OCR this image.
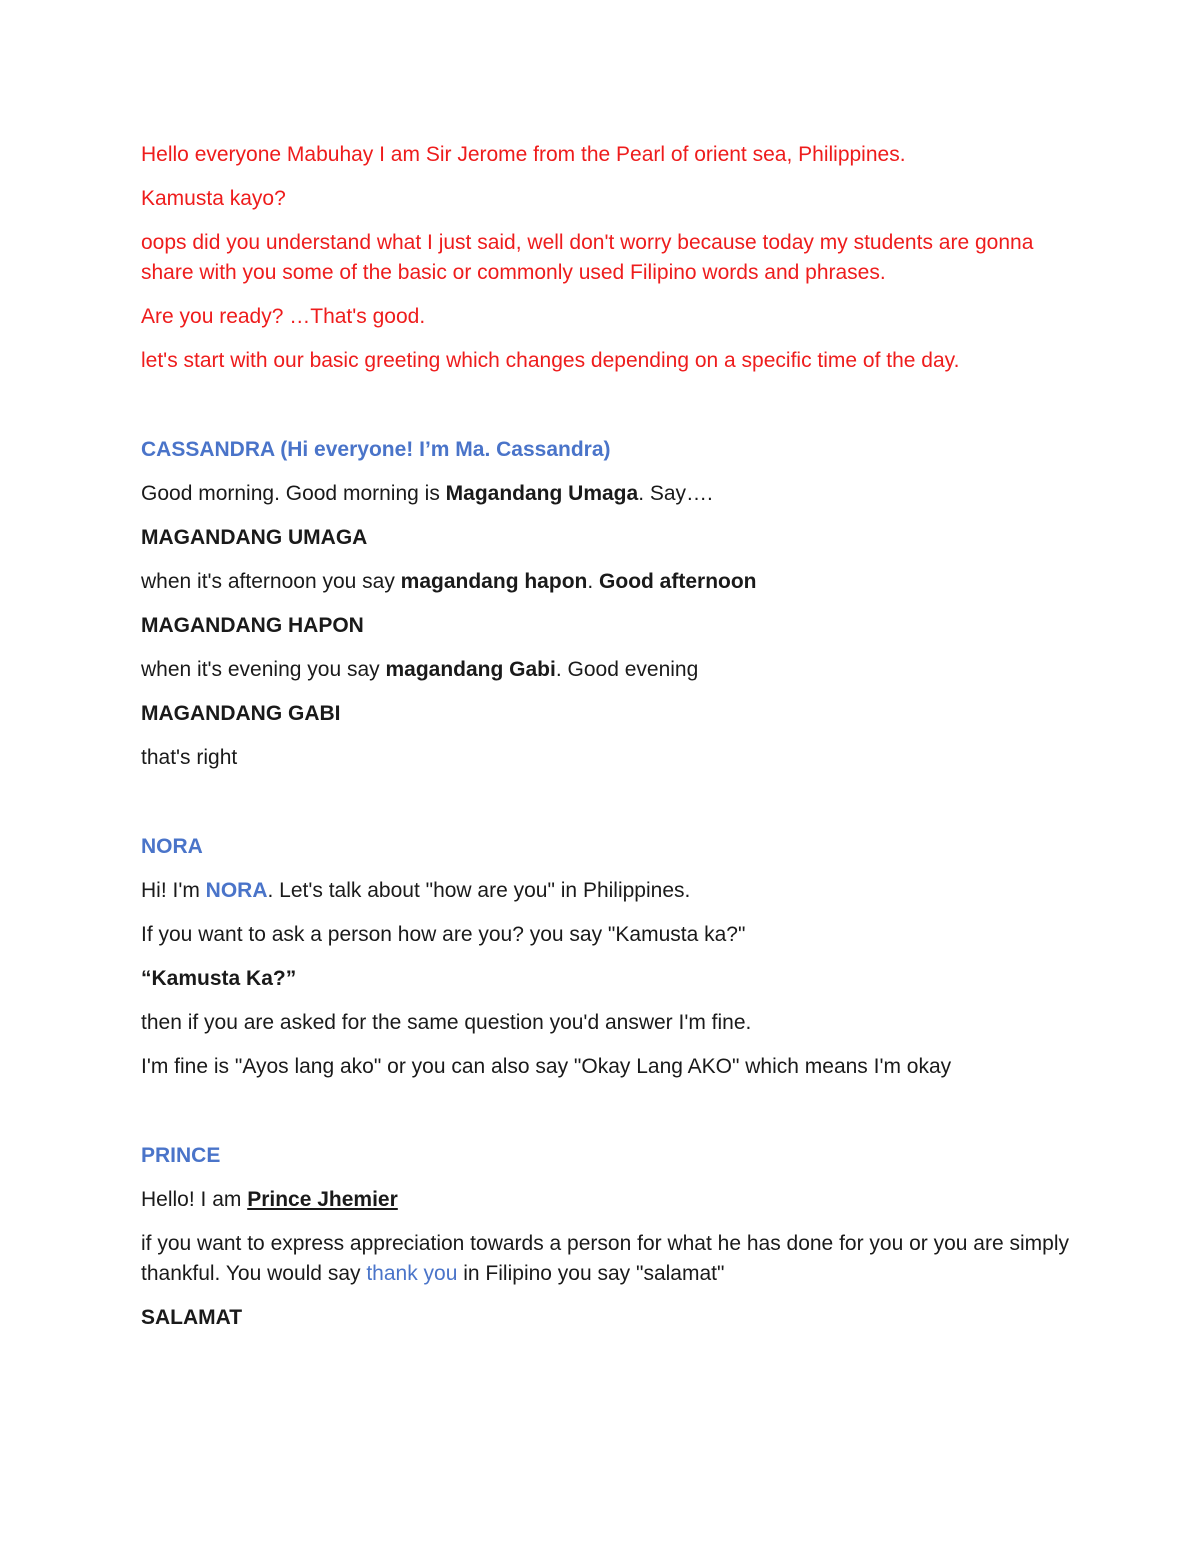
Hello everyone Mabuhay I am Sir Jerome from the Pearl of orient sea, Philippines.

Kamusta kayo?

oops did you understand what I just said, well don't worry because today my students are gonna share with you some of the basic or commonly used Filipino words and phrases.

Are you ready? …That's good.

let's start with our basic greeting which changes depending on a specific time of the day.

CASSANDRA (Hi everyone! I’m Ma. Cassandra)

Good morning. Good morning is Magandang Umaga. Say….

MAGANDANG UMAGA

when it's afternoon you say magandang hapon. Good afternoon

MAGANDANG HAPON

when it's evening you say magandang Gabi. Good evening

MAGANDANG GABI

that's right

NORA

Hi! I'm NORA. Let's talk about "how are you" in Philippines.

If you want to ask a person how are you? you say "Kamusta ka?"

“Kamusta Ka?”

then if you are asked for the same question you'd answer I'm fine.

I'm fine is "Ayos lang ako" or you can also say "Okay Lang AKO" which means I'm okay

PRINCE

Hello! I am Prince Jhemier

if you want to express appreciation towards a person for what he has done for you or you are simply thankful. You would say thank you in Filipino you say "salamat"

SALAMAT
